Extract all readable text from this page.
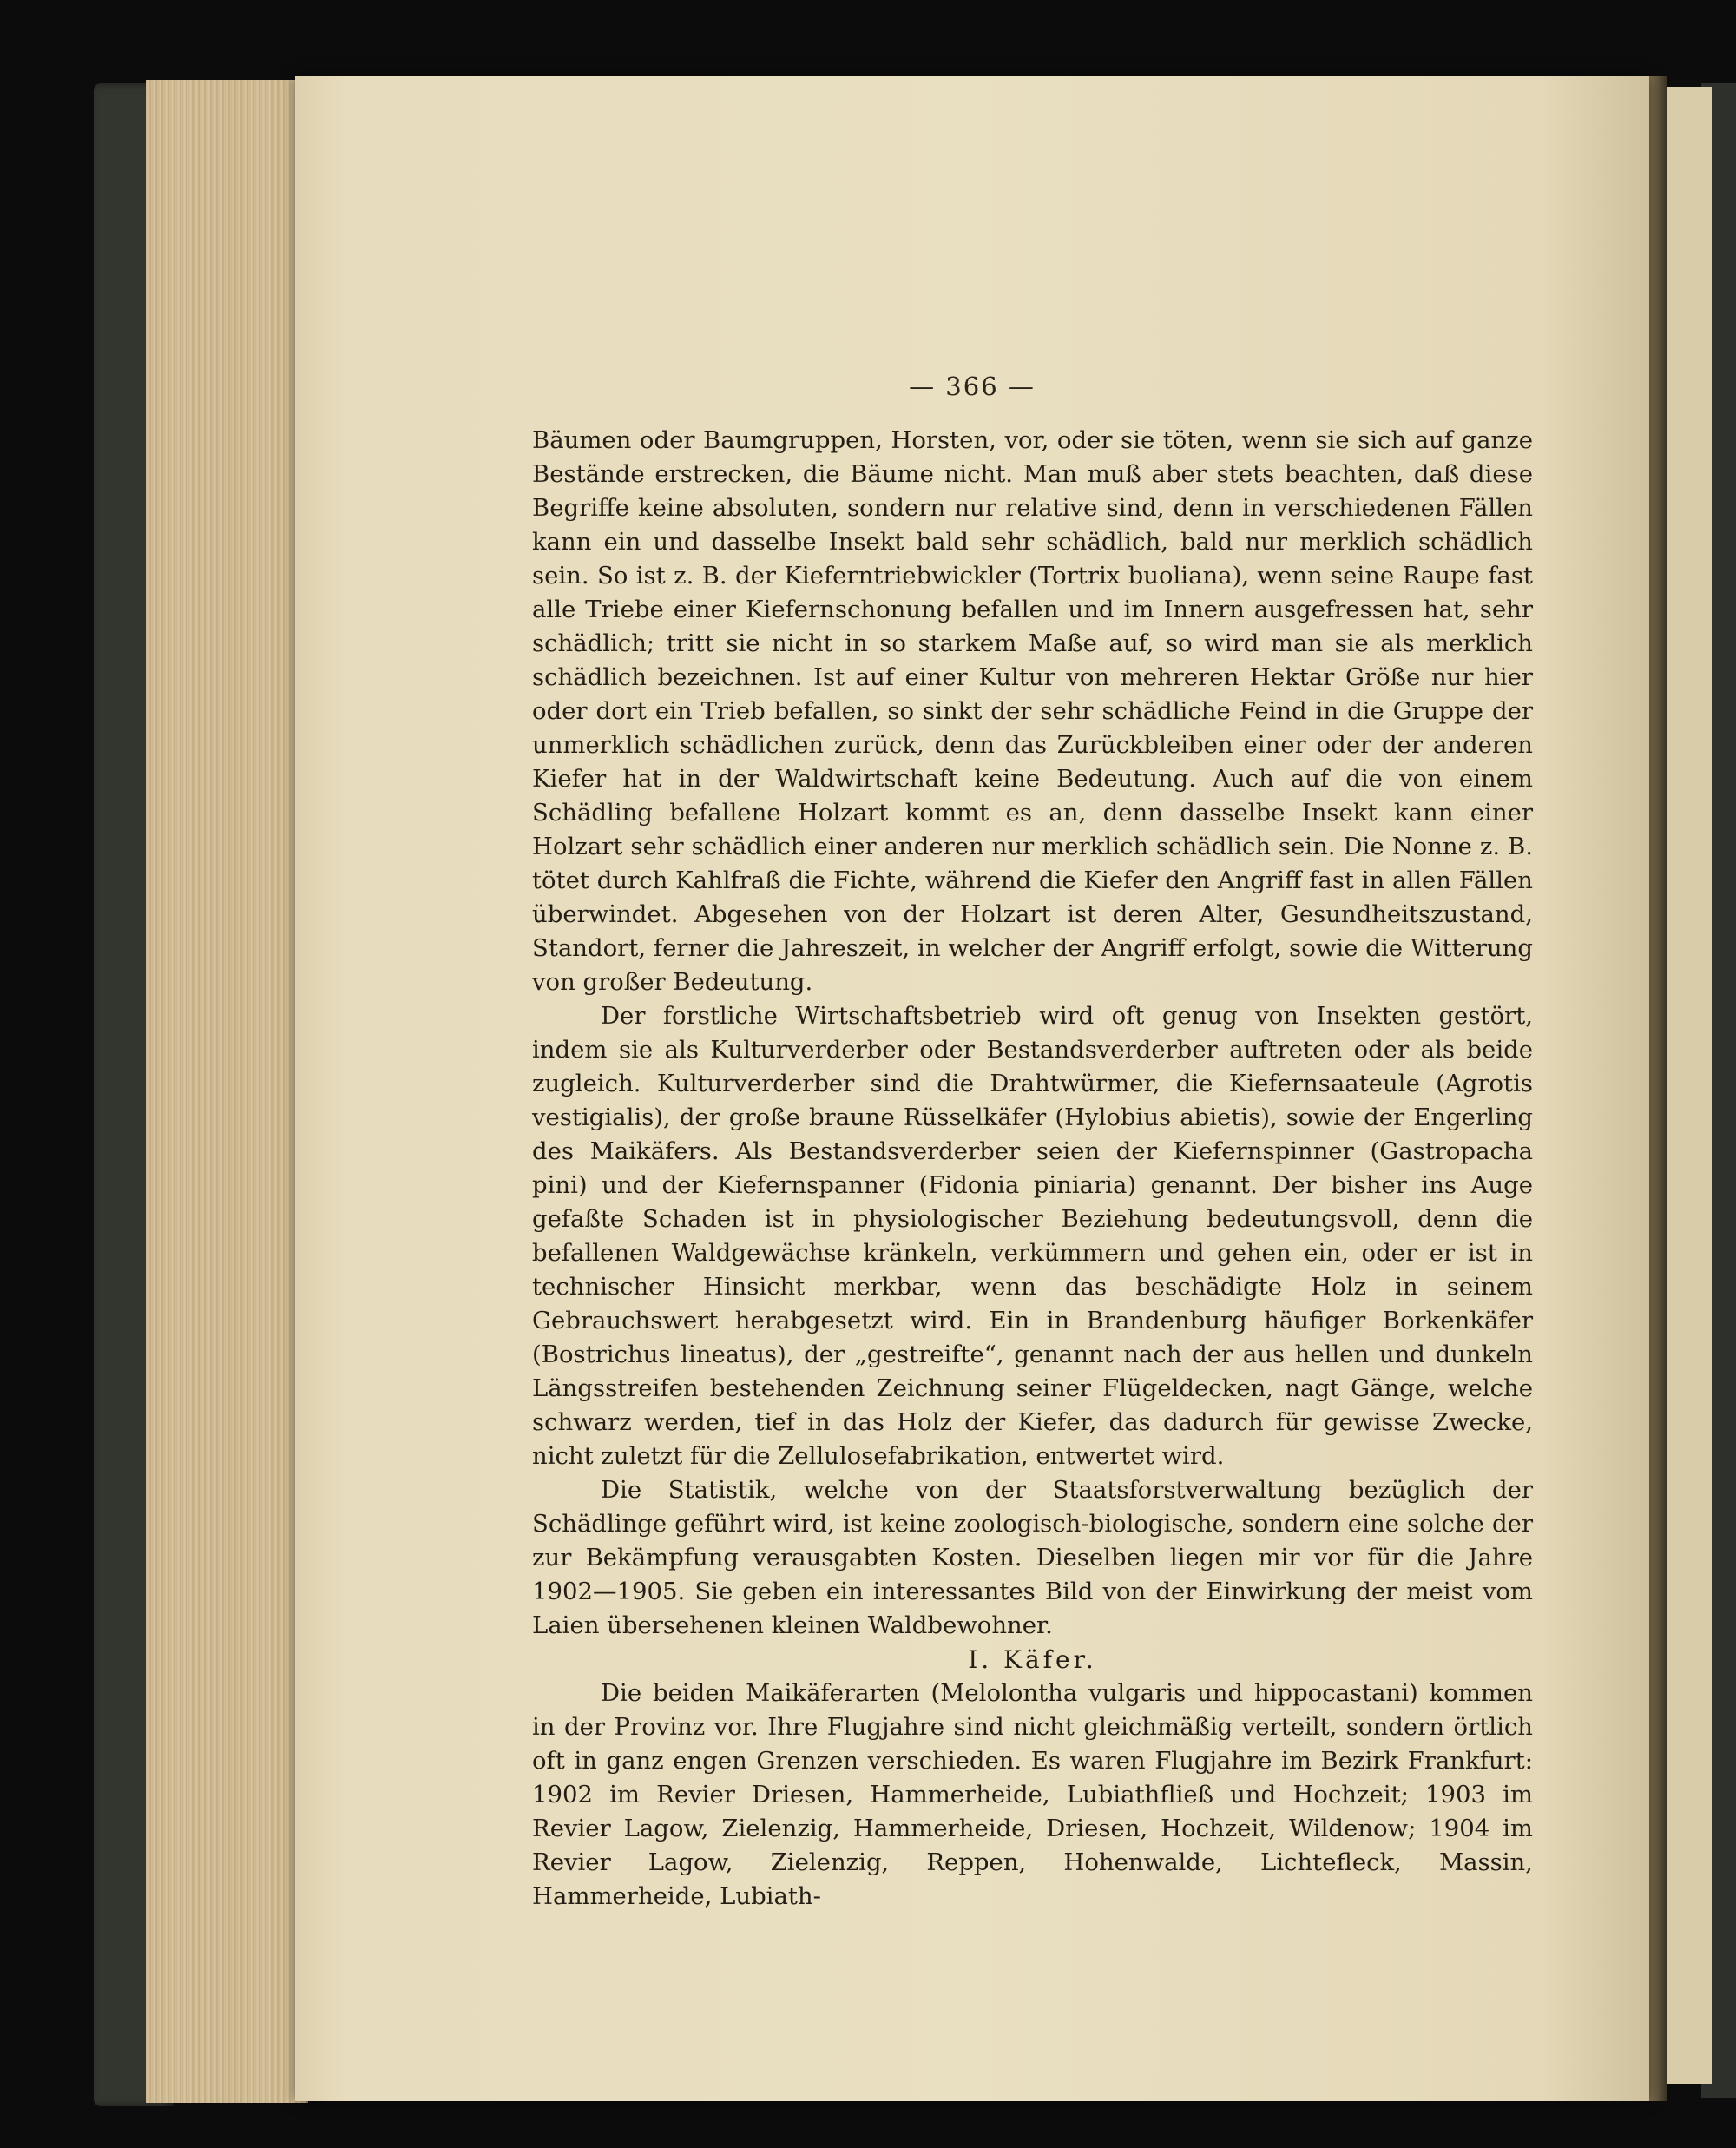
— 366 —

Bäumen oder Baumgruppen, Horsten, vor, oder sie töten, wenn sie sich auf ganze Bestände erstrecken, die Bäume nicht. Man muß aber stets beachten, daß diese Begriffe keine absoluten, sondern nur relative sind, denn in verschiedenen Fällen kann ein und dasselbe Insekt bald sehr schädlich, bald nur merklich schädlich sein. So ist z. B. der Kieferntriebwickler (Tortrix buoliana), wenn seine Raupe fast alle Triebe einer Kiefernschonung befallen und im Innern ausgefressen hat, sehr schädlich; tritt sie nicht in so starkem Maße auf, so wird man sie als merklich schädlich bezeichnen. Ist auf einer Kultur von mehreren Hektar Größe nur hier oder dort ein Trieb befallen, so sinkt der sehr schädliche Feind in die Gruppe der unmerklich schädlichen zurück, denn das Zurückbleiben einer oder der anderen Kiefer hat in der Waldwirtschaft keine Bedeutung. Auch auf die von einem Schädling befallene Holzart kommt es an, denn dasselbe Insekt kann einer Holzart sehr schädlich einer anderen nur merklich schädlich sein. Die Nonne z. B. tötet durch Kahlfraß die Fichte, während die Kiefer den Angriff fast in allen Fällen überwindet. Abgesehen von der Holzart ist deren Alter, Gesundheitszustand, Standort, ferner die Jahreszeit, in welcher der Angriff erfolgt, sowie die Witterung von großer Bedeutung.

Der forstliche Wirtschaftsbetrieb wird oft genug von Insekten gestört, indem sie als Kulturverderber oder Bestandsverderber auftreten oder als beide zugleich. Kulturverderber sind die Drahtwürmer, die Kiefernsaateule (Agrotis vestigialis), der große braune Rüsselkäfer (Hylobius abietis), sowie der Engerling des Maikäfers. Als Bestandsverderber seien der Kiefernspinner (Gastropacha pini) und der Kiefernspanner (Fidonia piniaria) genannt. Der bisher ins Auge gefaßte Schaden ist in physiologischer Beziehung bedeutungsvoll, denn die befallenen Waldgewächse kränkeln, verkümmern und gehen ein, oder er ist in technischer Hinsicht merkbar, wenn das beschädigte Holz in seinem Gebrauchswert herabgesetzt wird. Ein in Brandenburg häufiger Borkenkäfer (Bostrichus lineatus), der „gestreifte“, genannt nach der aus hellen und dunkeln Längsstreifen bestehenden Zeichnung seiner Flügeldecken, nagt Gänge, welche schwarz werden, tief in das Holz der Kiefer, das dadurch für gewisse Zwecke, nicht zuletzt für die Zellulosefabrikation, entwertet wird.

Die Statistik, welche von der Staatsforstverwaltung bezüglich der Schädlinge geführt wird, ist keine zoologisch-biologische, sondern eine solche der zur Bekämpfung verausgabten Kosten. Dieselben liegen mir vor für die Jahre 1902—1905. Sie geben ein interessantes Bild von der Einwirkung der meist vom Laien übersehenen kleinen Waldbewohner.

I. Käfer.

Die beiden Maikäferarten (Melolontha vulgaris und hippocastani) kommen in der Provinz vor. Ihre Flugjahre sind nicht gleichmäßig verteilt, sondern örtlich oft in ganz engen Grenzen verschieden. Es waren Flugjahre im Bezirk Frankfurt: 1902 im Revier Driesen, Hammerheide, Lubiathfließ und Hochzeit; 1903 im Revier Lagow, Zielenzig, Hammerheide, Driesen, Hochzeit, Wildenow; 1904 im Revier Lagow, Zielenzig, Reppen, Hohenwalde, Lichtefleck, Massin, Hammerheide, Lubiath-
